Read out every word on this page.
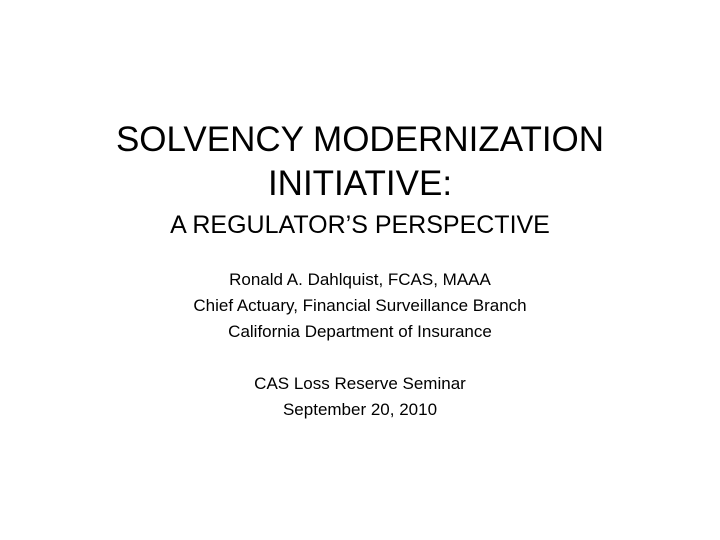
SOLVENCY MODERNIZATION
INITIATIVE:
A REGULATOR’S PERSPECTIVE
Ronald A. Dahlquist, FCAS, MAAA
Chief Actuary, Financial Surveillance Branch
California Department of Insurance
CAS Loss Reserve Seminar
September 20, 2010
